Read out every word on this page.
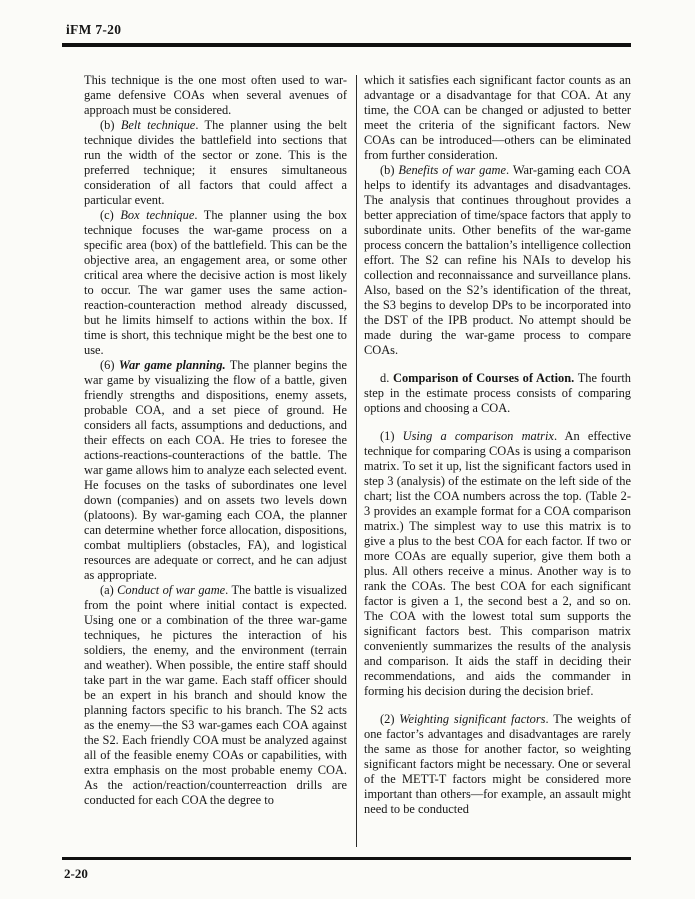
iFM 7-20

This technique is the one most often used to war-game defensive COAs when several avenues of approach must be considered.

(b) Belt technique. The planner using the belt technique divides the battlefield into sections that run the width of the sector or zone. This is the preferred technique; it ensures simultaneous consideration of all factors that could affect a particular event.

(c) Box technique. The planner using the box technique focuses the war-game process on a specific area (box) of the battlefield. This can be the objective area, an engagement area, or some other critical area where the decisive action is most likely to occur. The war gamer uses the same action-reaction-counteraction method already discussed, but he limits himself to actions within the box. If time is short, this technique might be the best one to use.

(6) War game planning. The planner begins the war game by visualizing the flow of a battle, given friendly strengths and dispositions, enemy assets, probable COA, and a set piece of ground. He considers all facts, assumptions and deductions, and their effects on each COA. He tries to foresee the actions-reactions-counteractions of the battle. The war game allows him to analyze each selected event. He focuses on the tasks of subordinates one level down (companies) and on assets two levels down (platoons). By war-gaming each COA, the planner can determine whether force allocation, dispositions, combat multipliers (obstacles, FA), and logistical resources are adequate or correct, and he can adjust as appropriate.

(a) Conduct of war game. The battle is visualized from the point where initial contact is expected. Using one or a combination of the three war-game techniques, he pictures the interaction of his soldiers, the enemy, and the environment (terrain and weather). When possible, the entire staff should take part in the war game. Each staff officer should be an expert in his branch and should know the planning factors specific to his branch. The S2 acts as the enemy—the S3 war-games each COA against the S2. Each friendly COA must be analyzed against all of the feasible enemy COAs or capabilities, with extra emphasis on the most probable enemy COA. As the action/reaction/counterreaction drills are conducted for each COA the degree to

which it satisfies each significant factor counts as an advantage or a disadvantage for that COA. At any time, the COA can be changed or adjusted to better meet the criteria of the significant factors. New COAs can be introduced—others can be eliminated from further consideration.

(b) Benefits of war game. War-gaming each COA helps to identify its advantages and disadvantages. The analysis that continues throughout provides a better appreciation of time/space factors that apply to subordinate units. Other benefits of the war-game process concern the battalion’s intelligence collection effort. The S2 can refine his NAIs to develop his collection and reconnaissance and surveillance plans. Also, based on the S2’s identification of the threat, the S3 begins to develop DPs to be incorporated into the DST of the IPB product. No attempt should be made during the war-game process to compare COAs.

d. Comparison of Courses of Action. The fourth step in the estimate process consists of comparing options and choosing a COA.

(1) Using a comparison matrix. An effective technique for comparing COAs is using a comparison matrix. To set it up, list the significant factors used in step 3 (analysis) of the estimate on the left side of the chart; list the COA numbers across the top. (Table 2-3 provides an example format for a COA comparison matrix.) The simplest way to use this matrix is to give a plus to the best COA for each factor. If two or more COAs are equally superior, give them both a plus. All others receive a minus. Another way is to rank the COAs. The best COA for each significant factor is given a 1, the second best a 2, and so on. The COA with the lowest total sum supports the significant factors best. This comparison matrix conveniently summarizes the results of the analysis and comparison. It aids the staff in deciding their recommendations, and aids the commander in forming his decision during the decision brief.

(2) Weighting significant factors. The weights of one factor’s advantages and disadvantages are rarely the same as those for another factor, so weighting significant factors might be necessary. One or several of the METT-T factors might be considered more important than others—for example, an assault might need to be conducted

2-20
